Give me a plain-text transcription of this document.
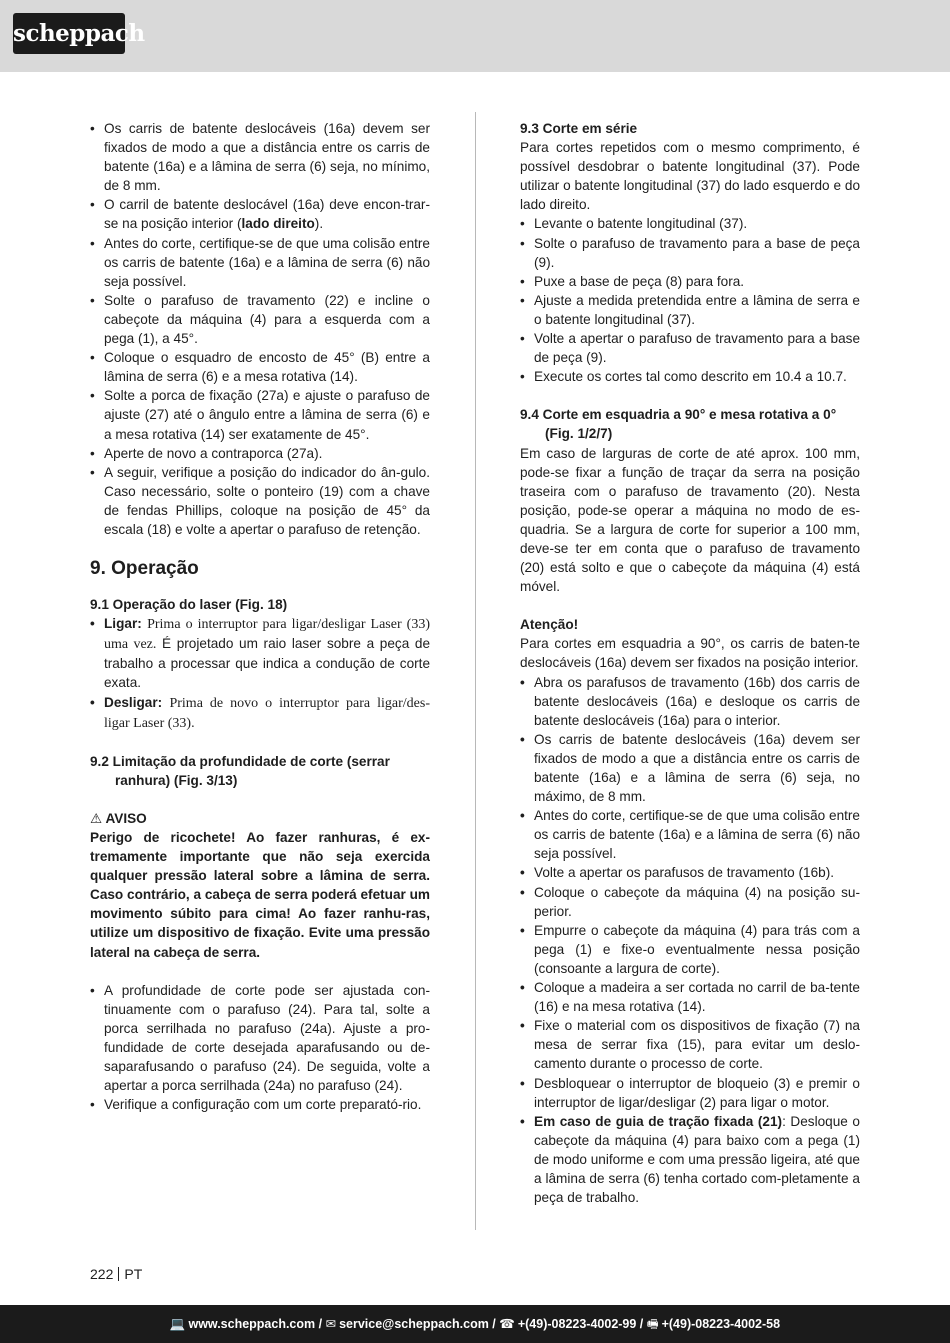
scheppach
• Os carris de batente deslocáveis (16a) devem ser fixados de modo a que a distância entre os carris de batente (16a) e a lâmina de serra (6) seja, no mínimo, de 8 mm.
• O carril de batente deslocável (16a) deve encon-trar-se na posição interior (lado direito).
• Antes do corte, certifique-se de que uma colisão entre os carris de batente (16a) e a lâmina de serra (6) não seja possível.
• Solte o parafuso de travamento (22) e incline o cabeçote da máquina (4) para a esquerda com a pega (1), a 45°.
• Coloque o esquadro de encosto de 45° (B) entre a lâmina de serra (6) e a mesa rotativa (14).
• Solte a porca de fixação (27a) e ajuste o parafuso de ajuste (27) até o ângulo entre a lâmina de serra (6) e a mesa rotativa (14) ser exatamente de 45°.
• Aperte de novo a contraporca (27a).
• A seguir, verifique a posição do indicador do ân-gulo. Caso necessário, solte o ponteiro (19) com a chave de fendas Phillips, coloque na posição de 45° da escala (18) e volte a apertar o parafuso de retenção.

9. Operação

9.1 Operação do laser (Fig. 18)

• Ligar: Prima o interruptor para ligar/desligar Laser (33) uma vez. É projetado um raio laser sobre a peça de trabalho a processar que indica a condução de corte exata.
• Desligar: Prima de novo o interruptor para ligar/des-ligar Laser (33).

9.2 Limitação da profundidade de corte (serrar ranhura) (Fig. 3/13)

⚠ AVISO

Perigo de ricochete! Ao fazer ranhuras, é ex-tremamente importante que não seja exercida qualquer pressão lateral sobre a lâmina de serra. Caso contrário, a cabeça de serra poderá efetuar um movimento súbito para cima! Ao fazer ranhu-ras, utilize um dispositivo de fixação. Evite uma pressão lateral na cabeça de serra.

• A profundidade de corte pode ser ajustada con-tinuamente com o parafuso (24). Para tal, solte a porca serrilhada no parafuso (24a). Ajuste a pro-fundidade de corte desejada aparafusando ou de-saparafusando o parafuso (24). De seguida, volte a apertar a porca serrilhada (24a) no parafuso (24).
• Verifique a configuração com um corte preparató-rio.

9.3 Corte em série

Para cortes repetidos com o mesmo comprimento, é possível desdobrar o batente longitudinal (37). Pode utilizar o batente longitudinal (37) do lado esquerdo e do lado direito.

• Levante o batente longitudinal (37).
• Solte o parafuso de travamento para a base de peça (9).
• Puxe a base de peça (8) para fora.
• Ajuste a medida pretendida entre a lâmina de serra e o batente longitudinal (37).
• Volte a apertar o parafuso de travamento para a base de peça (9).
• Execute os cortes tal como descrito em 10.4 a 10.7.

9.4 Corte em esquadria a 90° e mesa rotativa a 0° (Fig. 1/2/7)

Em caso de larguras de corte de até aprox. 100 mm, pode-se fixar a função de traçar da serra na posição traseira com o parafuso de travamento (20). Nesta posição, pode-se operar a máquina no modo de es-quadria. Se a largura de corte for superior a 100 mm, deve-se ter em conta que o parafuso de travamento (20) está solto e que o cabeçote da máquina (4) está móvel.

Atenção!

Para cortes em esquadria a 90°, os carris de baten-te deslocáveis (16a) devem ser fixados na posição interior.

• Abra os parafusos de travamento (16b) dos carris de batente deslocáveis (16a) e desloque os carris de batente deslocáveis (16a) para o interior.
• Os carris de batente deslocáveis (16a) devem ser fixados de modo a que a distância entre os carris de batente (16a) e a lâmina de serra (6) seja, no máximo, de 8 mm.
• Antes do corte, certifique-se de que uma colisão entre os carris de batente (16a) e a lâmina de serra (6) não seja possível.
• Volte a apertar os parafusos de travamento (16b).
• Coloque o cabeçote da máquina (4) na posição su-perior.
• Empurre o cabeçote da máquina (4) para trás com a pega (1) e fixe-o eventualmente nessa posição (consoante a largura de corte).
• Coloque a madeira a ser cortada no carril de ba-tente (16) e na mesa rotativa (14).
• Fixe o material com os dispositivos de fixação (7) na mesa de serrar fixa (15), para evitar um deslo-camento durante o processo de corte.
• Desbloquear o interruptor de bloqueio (3) e premir o interruptor de ligar/desligar (2) para ligar o motor.
• Em caso de guia de tração fixada (21): Desloque o cabeçote da máquina (4) para baixo com a pega (1) de modo uniforme e com uma pressão ligeira, até que a lâmina de serra (6) tenha cortado com-pletamente a peça de trabalho.
222 PT
💻 www.scheppach.com / ✉ service@scheppach.com / ☎ +(49)-08223-4002-99 / 🖷 +(49)-08223-4002-58
